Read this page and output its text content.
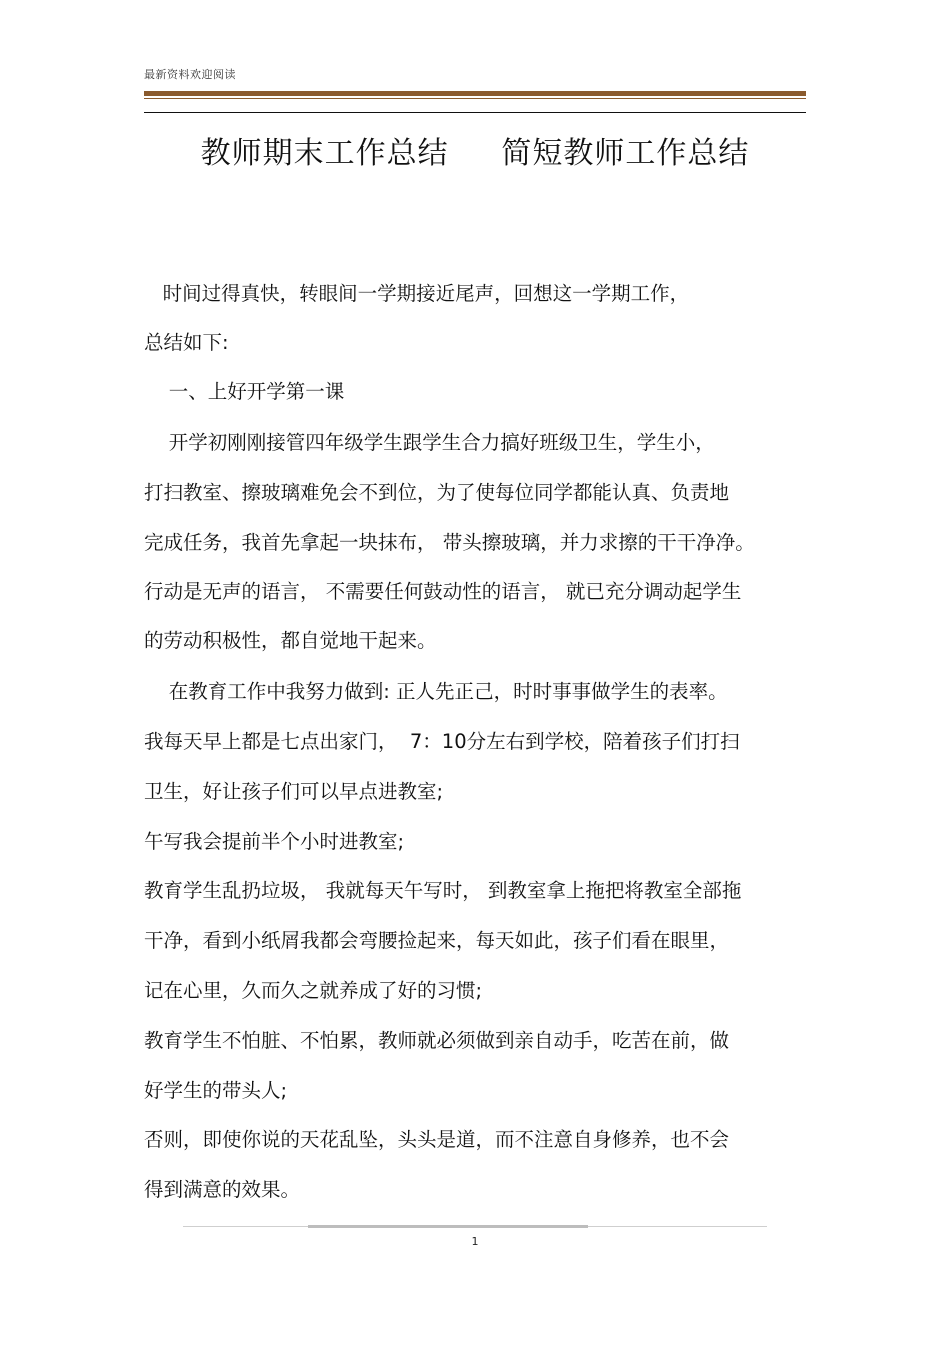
最新资料欢迎阅读
教师期末工作总结     简短教师工作总结
时间过得真快，转眼间一学期接近尾声，回想这一学期工作，
总结如下:
一、上好开学第一课
开学初刚刚接管四年级学生跟学生合力搞好班级卫生，学生小，
打扫教室、擦玻璃难免会不到位，为了使每位同学都能认真、负责地
完成任务，我首先拿起一块抹布， 带头擦玻璃，并力求擦的干干净净。
行动是无声的语言， 不需要任何鼓动性的语言， 就已充分调动起学生
的劳动积极性，都自觉地干起来。
在教育工作中我努力做到: 正人先正己，时时事事做学生的表率。
我每天早上都是七点出家门，  7：10分左右到学校，陪着孩子们打扫
卫生，好让孩子们可以早点进教室;
午写我会提前半个小时进教室;
教育学生乱扔垃圾， 我就每天午写时， 到教室拿上拖把将教室全部拖
干净，看到小纸屑我都会弯腰捡起来，每天如此，孩子们看在眼里，
记在心里，久而久之就养成了好的习惯;
教育学生不怕脏、不怕累，教师就必须做到亲自动手，吃苦在前，做
好学生的带头人;
否则，即使你说的天花乱坠，头头是道，而不注意自身修养，也不会
得到满意的效果。
1
